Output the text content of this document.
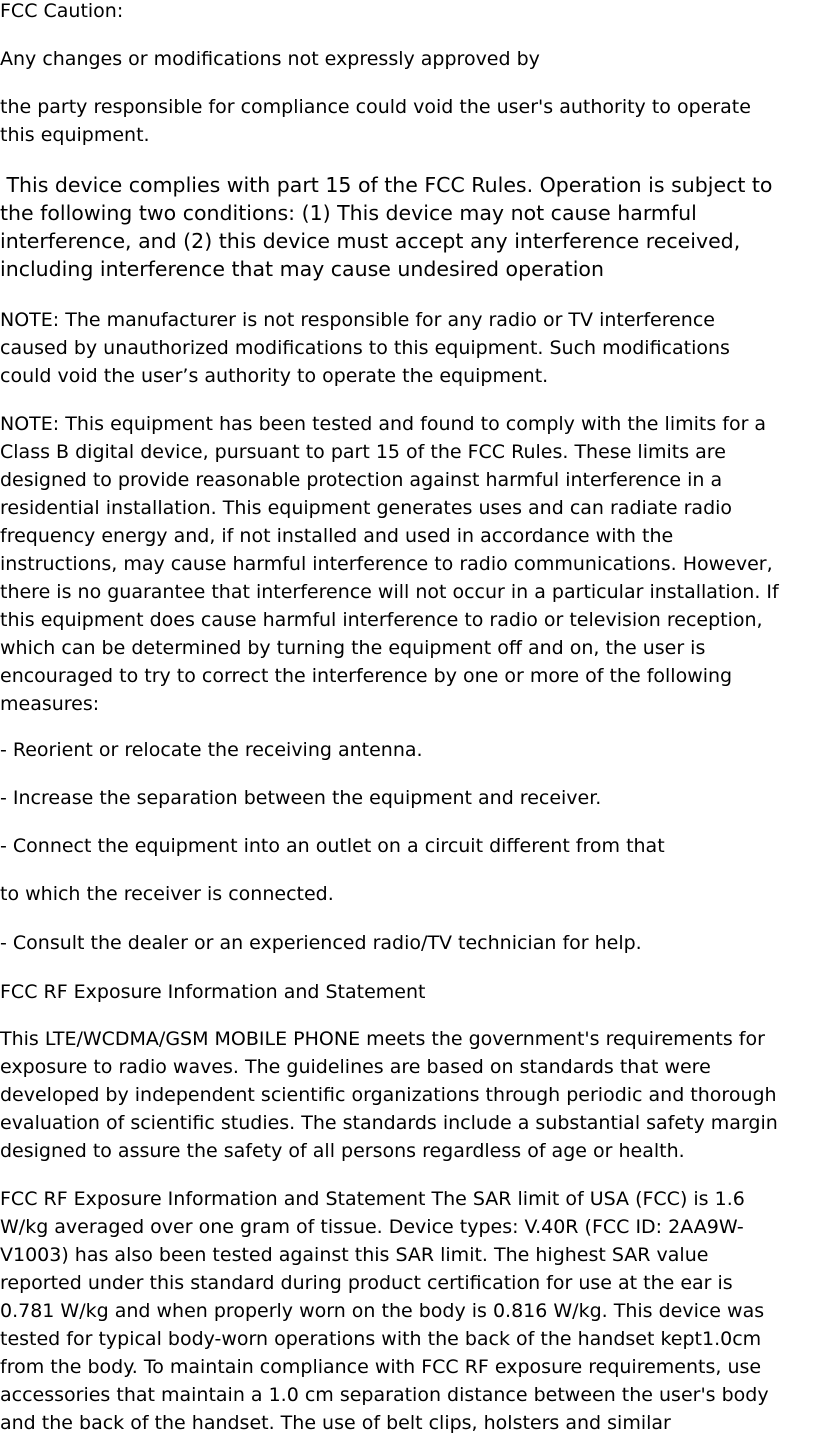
FCC Caution:
Any changes or modifications not expressly approved by
the party responsible for compliance could void the user's authority to operate
this equipment.
This device complies with part 15 of the FCC Rules. Operation is subject to
the following two conditions: (1) This device may not cause harmful
interference, and (2) this device must accept any interference received,
including interference that may cause undesired operation
NOTE: The manufacturer is not responsible for any radio or TV interference
caused by unauthorized modifications to this equipment. Such modifications
could void the user’s authority to operate the equipment.
NOTE: This equipment has been tested and found to comply with the limits for a
Class B digital device, pursuant to part 15 of the FCC Rules. These limits are
designed to provide reasonable protection against harmful interference in a
residential installation. This equipment generates uses and can radiate radio
frequency energy and, if not installed and used in accordance with the
instructions, may cause harmful interference to radio communications. However,
there is no guarantee that interference will not occur in a particular installation. If
this equipment does cause harmful interference to radio or television reception,
which can be determined by turning the equipment off and on, the user is
encouraged to try to correct the interference by one or more of the following
measures:
- Reorient or relocate the receiving antenna.
- Increase the separation between the equipment and receiver.
- Connect the equipment into an outlet on a circuit different from that
to which the receiver is connected.
- Consult the dealer or an experienced radio/TV technician for help.
FCC RF Exposure Information and Statement
This LTE/WCDMA/GSM MOBILE PHONE meets the government's requirements for
exposure to radio waves. The guidelines are based on standards that were
developed by independent scientific organizations through periodic and thorough
evaluation of scientific studies. The standards include a substantial safety margin
designed to assure the safety of all persons regardless of age or health.
FCC RF Exposure Information and Statement The SAR limit of USA (FCC) is 1.6
W/kg averaged over one gram of tissue. Device types: V.40R (FCC ID: 2AA9W-
V1003) has also been tested against this SAR limit. The highest SAR value
reported under this standard during product certification for use at the ear is
0.781 W/kg and when properly worn on the body is 0.816 W/kg. This device was
tested for typical body-worn operations with the back of the handset kept1.0cm
from the body. To maintain compliance with FCC RF exposure requirements, use
accessories that maintain a 1.0 cm separation distance between the user's body
and the back of the handset. The use of belt clips, holsters and similar
